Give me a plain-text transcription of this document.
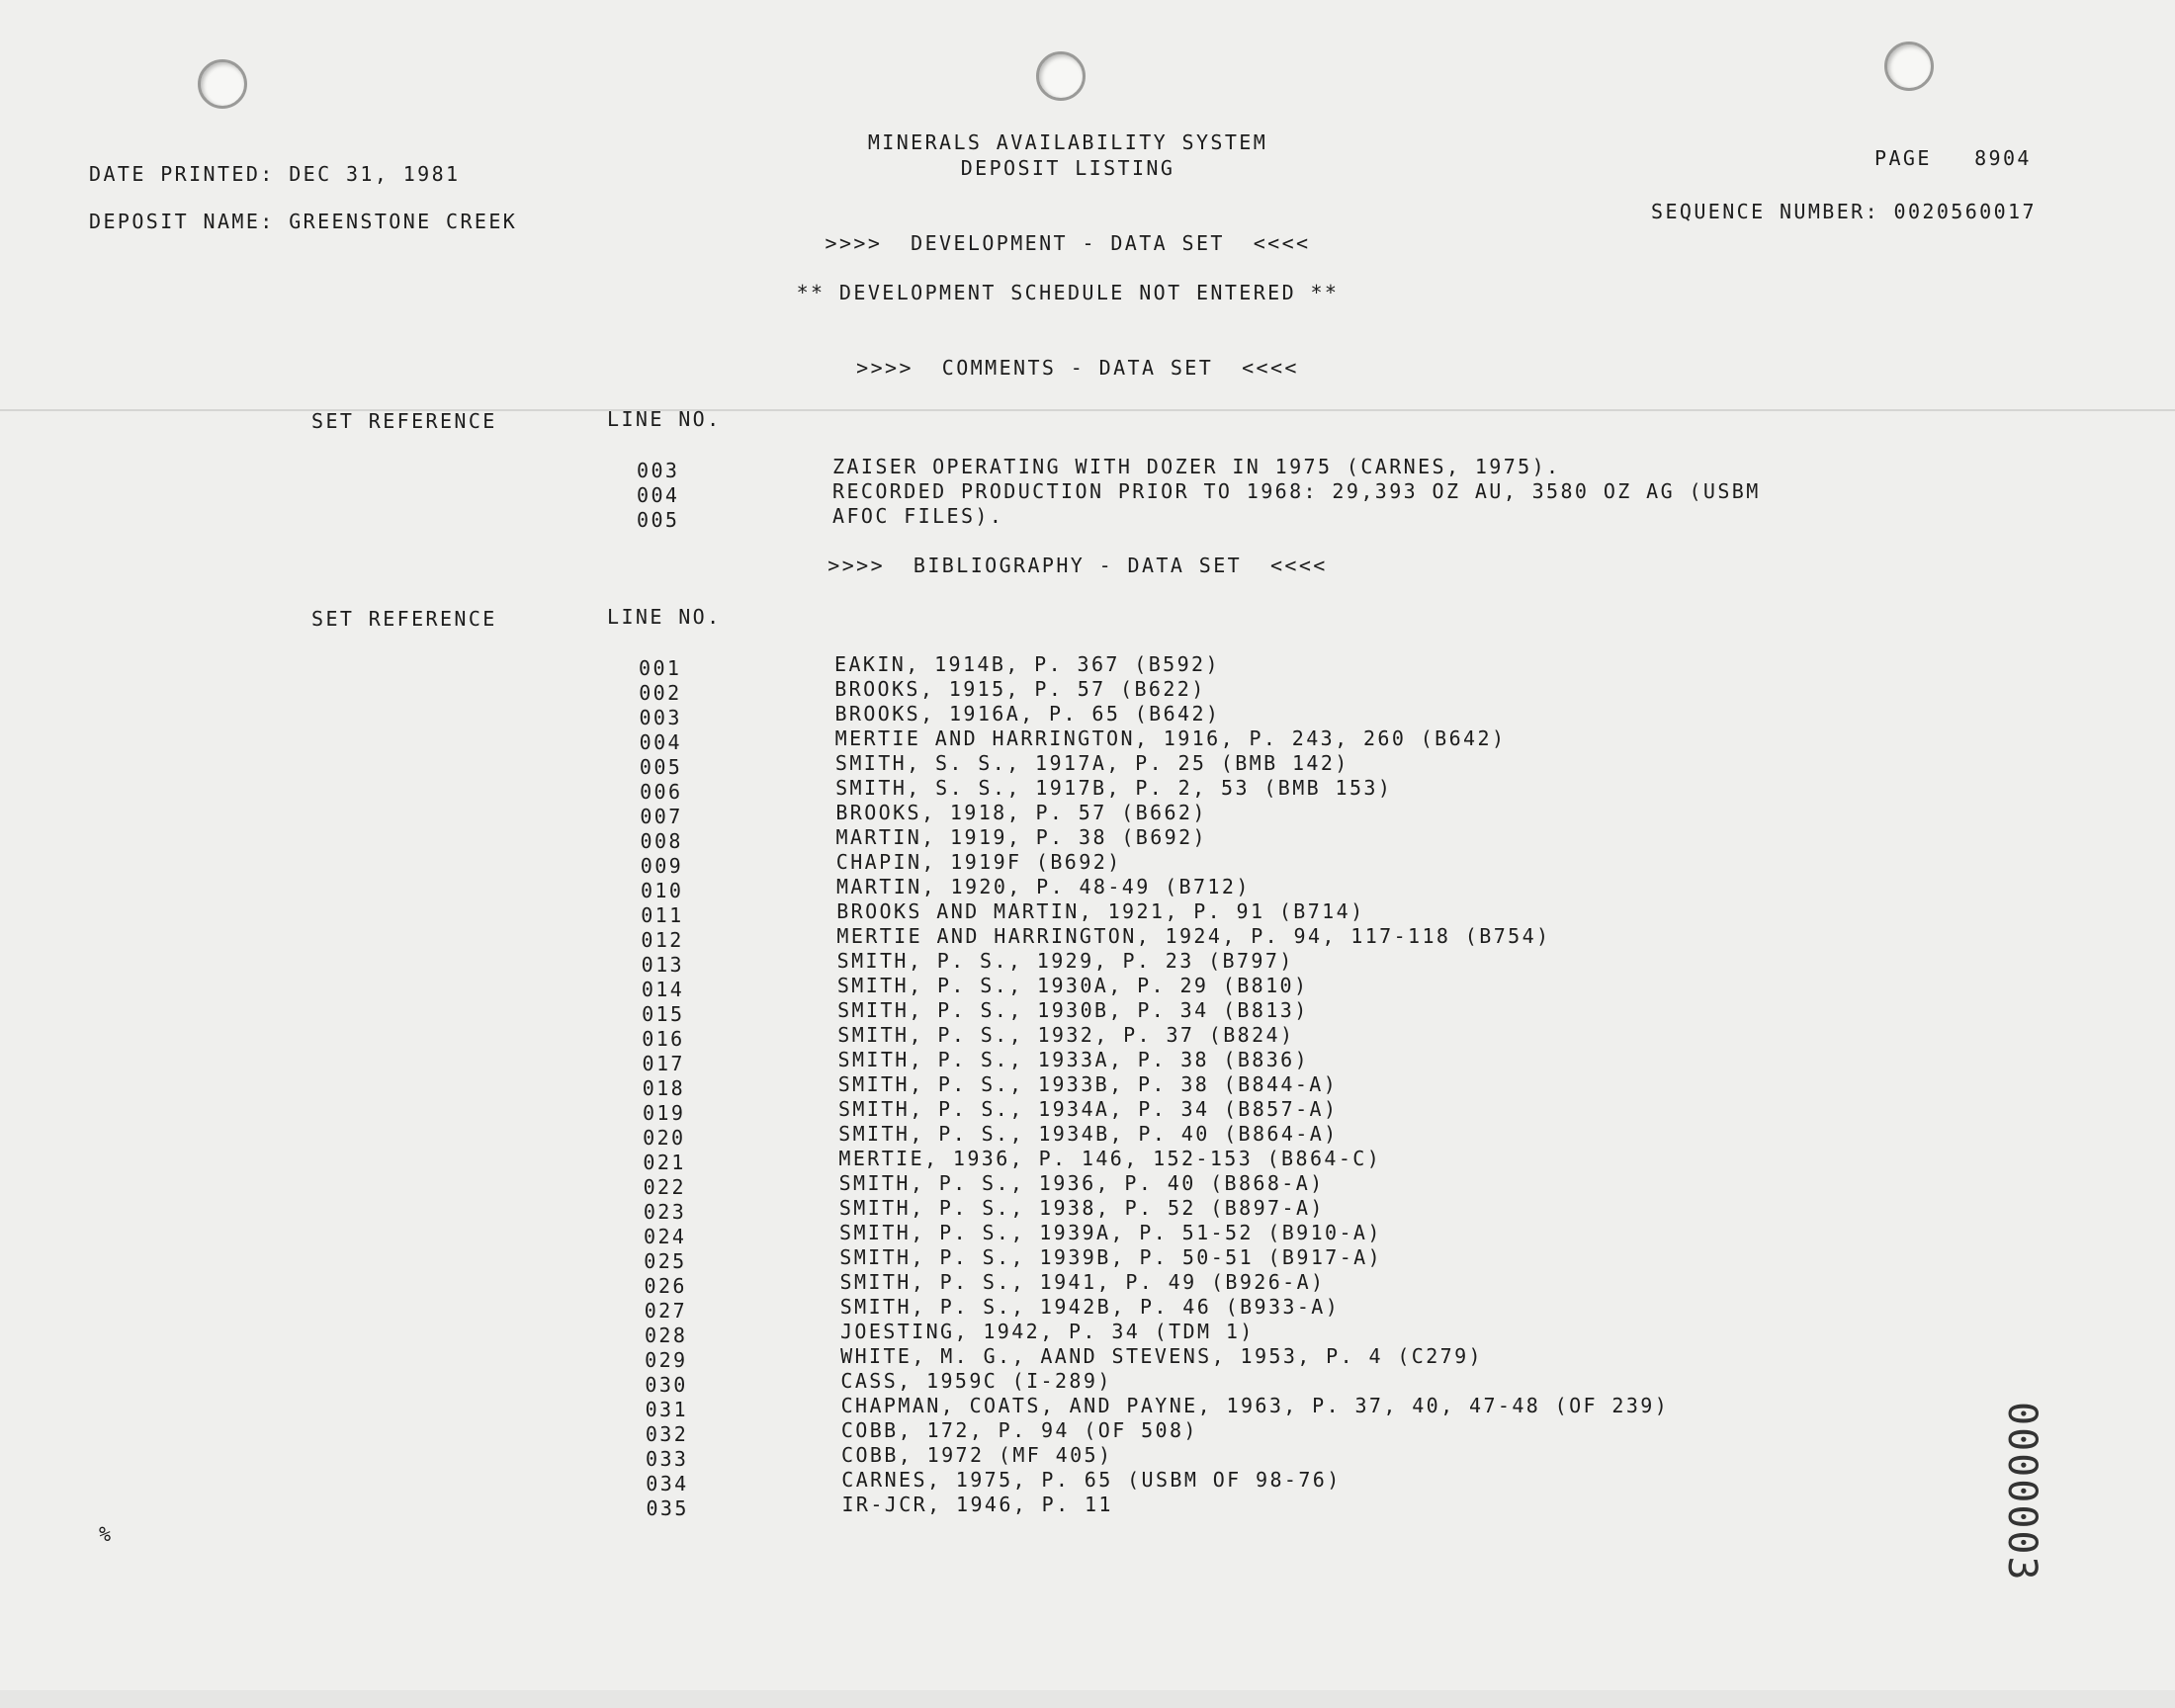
MINERALS AVAILABILITY SYSTEM
DEPOSIT LISTING
DATE PRINTED: DEC 31, 1981
DEPOSIT NAME: GREENSTONE CREEK
PAGE 8904
SEQUENCE NUMBER: 0020560017
>>>>  DEVELOPMENT - DATA SET  <<<<
** DEVELOPMENT SCHEDULE NOT ENTERED **
>>>>  COMMENTS - DATA SET  <<<<
SET REFERENCE	LINE NO.
003	ZAISER OPERATING WITH DOZER IN 1975 (CARNES, 1975).
004	RECORDED PRODUCTION PRIOR TO 1968: 29,393 OZ AU, 3580 OZ AG (USBM
005	AFOC FILES).
>>>>  BIBLIOGRAPHY - DATA SET  <<<<
SET REFERENCE	LINE NO.
001	EAKIN, 1914B, P. 367 (B592)
002	BROOKS, 1915, P. 57 (B622)
003	BROOKS, 1916A, P. 65 (B642)
004	MERTIE AND HARRINGTON, 1916, P. 243, 260 (B642)
005	SMITH, S. S., 1917A, P. 25 (BMB 142)
006	SMITH, S. S., 1917B, P. 2, 53 (BMB 153)
007	BROOKS, 1918, P. 57 (B662)
008	MARTIN, 1919, P. 38 (B692)
009	CHAPIN, 1919F (B692)
010	MARTIN, 1920, P. 48-49 (B712)
011	BROOKS AND MARTIN, 1921, P. 91 (B714)
012	MERTIE AND HARRINGTON, 1924, P. 94, 117-118 (B754)
013	SMITH, P. S., 1929, P. 23 (B797)
014	SMITH, P. S., 1930A, P. 29 (B810)
015	SMITH, P. S., 1930B, P. 34 (B813)
016	SMITH, P. S., 1932, P. 37 (B824)
017	SMITH, P. S., 1933A, P. 38 (B836)
018	SMITH, P. S., 1933B, P. 38 (B844-A)
019	SMITH, P. S., 1934A, P. 34 (B857-A)
020	SMITH, P. S., 1934B, P. 40 (B864-A)
021	MERTIE, 1936, P. 146, 152-153 (B864-C)
022	SMITH, P. S., 1936, P. 40 (B868-A)
023	SMITH, P. S., 1938, P. 52 (B897-A)
024	SMITH, P. S., 1939A, P. 51-52 (B910-A)
025	SMITH, P. S., 1939B, P. 50-51 (B917-A)
026	SMITH, P. S., 1941, P. 49 (B926-A)
027	SMITH, P. S., 1942B, P. 46 (B933-A)
028	JOESTING, 1942, P. 34 (TDM 1)
029	WHITE, M. G., AAND STEVENS, 1953, P. 4 (C279)
030	CASS, 1959C (I-289)
031	CHAPMAN, COATS, AND PAYNE, 1963, P. 37, 40, 47-48 (OF 239)
032	COBB, 172, P. 94 (OF 508)
033	COBB, 1972 (MF 405)
034	CARNES, 1975, P. 65 (USBM OF 98-76)
035	IR-JCR, 1946, P. 11
%	0000003
